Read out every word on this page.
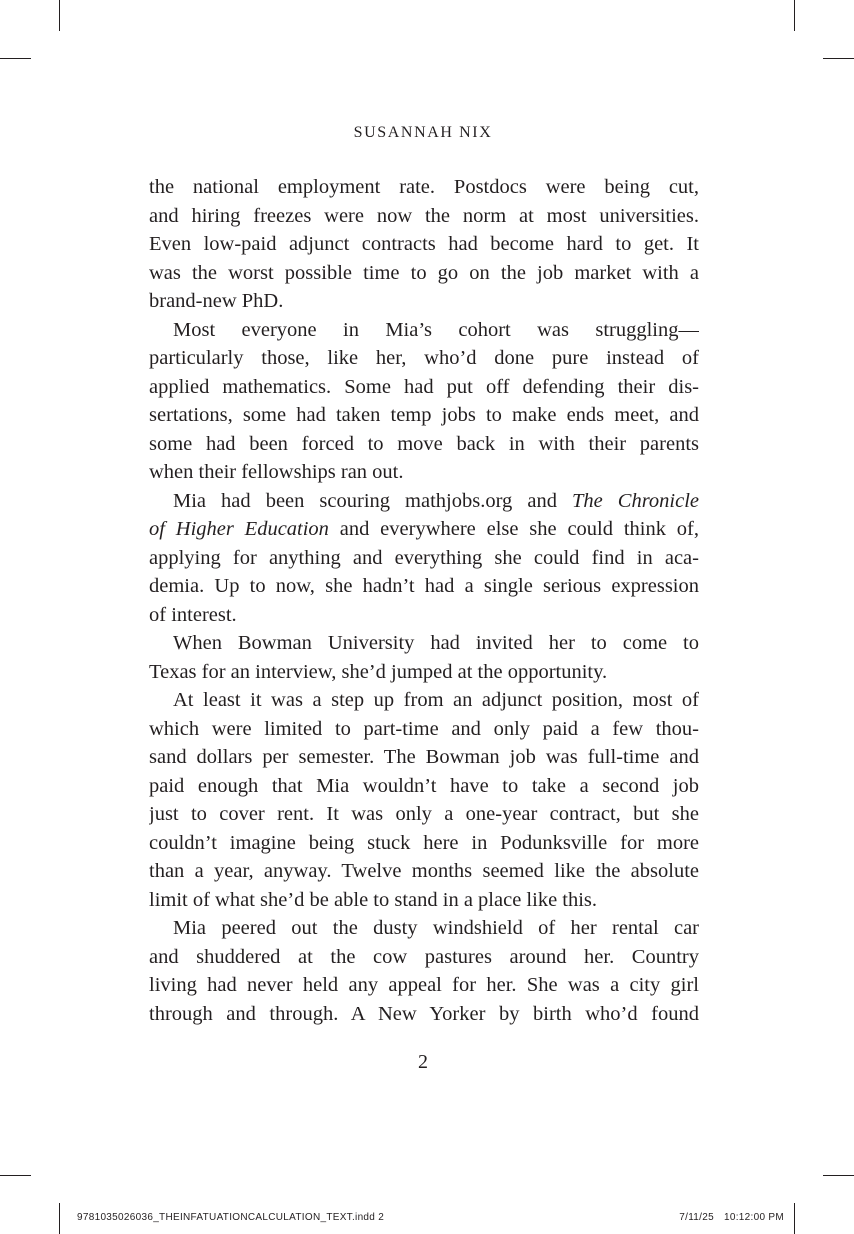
SUSANNAH NIX
the national employment rate. Postdocs were being cut,
and hiring freezes were now the norm at most universities.
Even low-paid adjunct contracts had become hard to get. It
was the worst possible time to go on the job market with a
brand-new PhD.
Most everyone in Mia’s cohort was struggling—
particularly those, like her, who’d done pure instead of
applied mathematics. Some had put off defending their dis-
sertations, some had taken temp jobs to make ends meet, and
some had been forced to move back in with their parents
when their fellowships ran out.
Mia had been scouring mathjobs.org and The Chronicle
of Higher Education and everywhere else she could think of,
applying for anything and everything she could find in aca-
demia. Up to now, she hadn’t had a single serious expression
of interest.
When Bowman University had invited her to come to
Texas for an interview, she’d jumped at the opportunity.
At least it was a step up from an adjunct position, most of
which were limited to part-time and only paid a few thou-
sand dollars per semester. The Bowman job was full-time and
paid enough that Mia wouldn’t have to take a second job
just to cover rent. It was only a one-year contract, but she
couldn’t imagine being stuck here in Podunksville for more
than a year, anyway. Twelve months seemed like the absolute
limit of what she’d be able to stand in a place like this.
Mia peered out the dusty windshield of her rental car
and shuddered at the cow pastures around her. Country
living had never held any appeal for her. She was a city girl
through and through. A New Yorker by birth who’d found
2
9781035026036_THEINFATUATIONCALCULATION_TEXT.indd 2	7/11/25 10:12:00 PM
